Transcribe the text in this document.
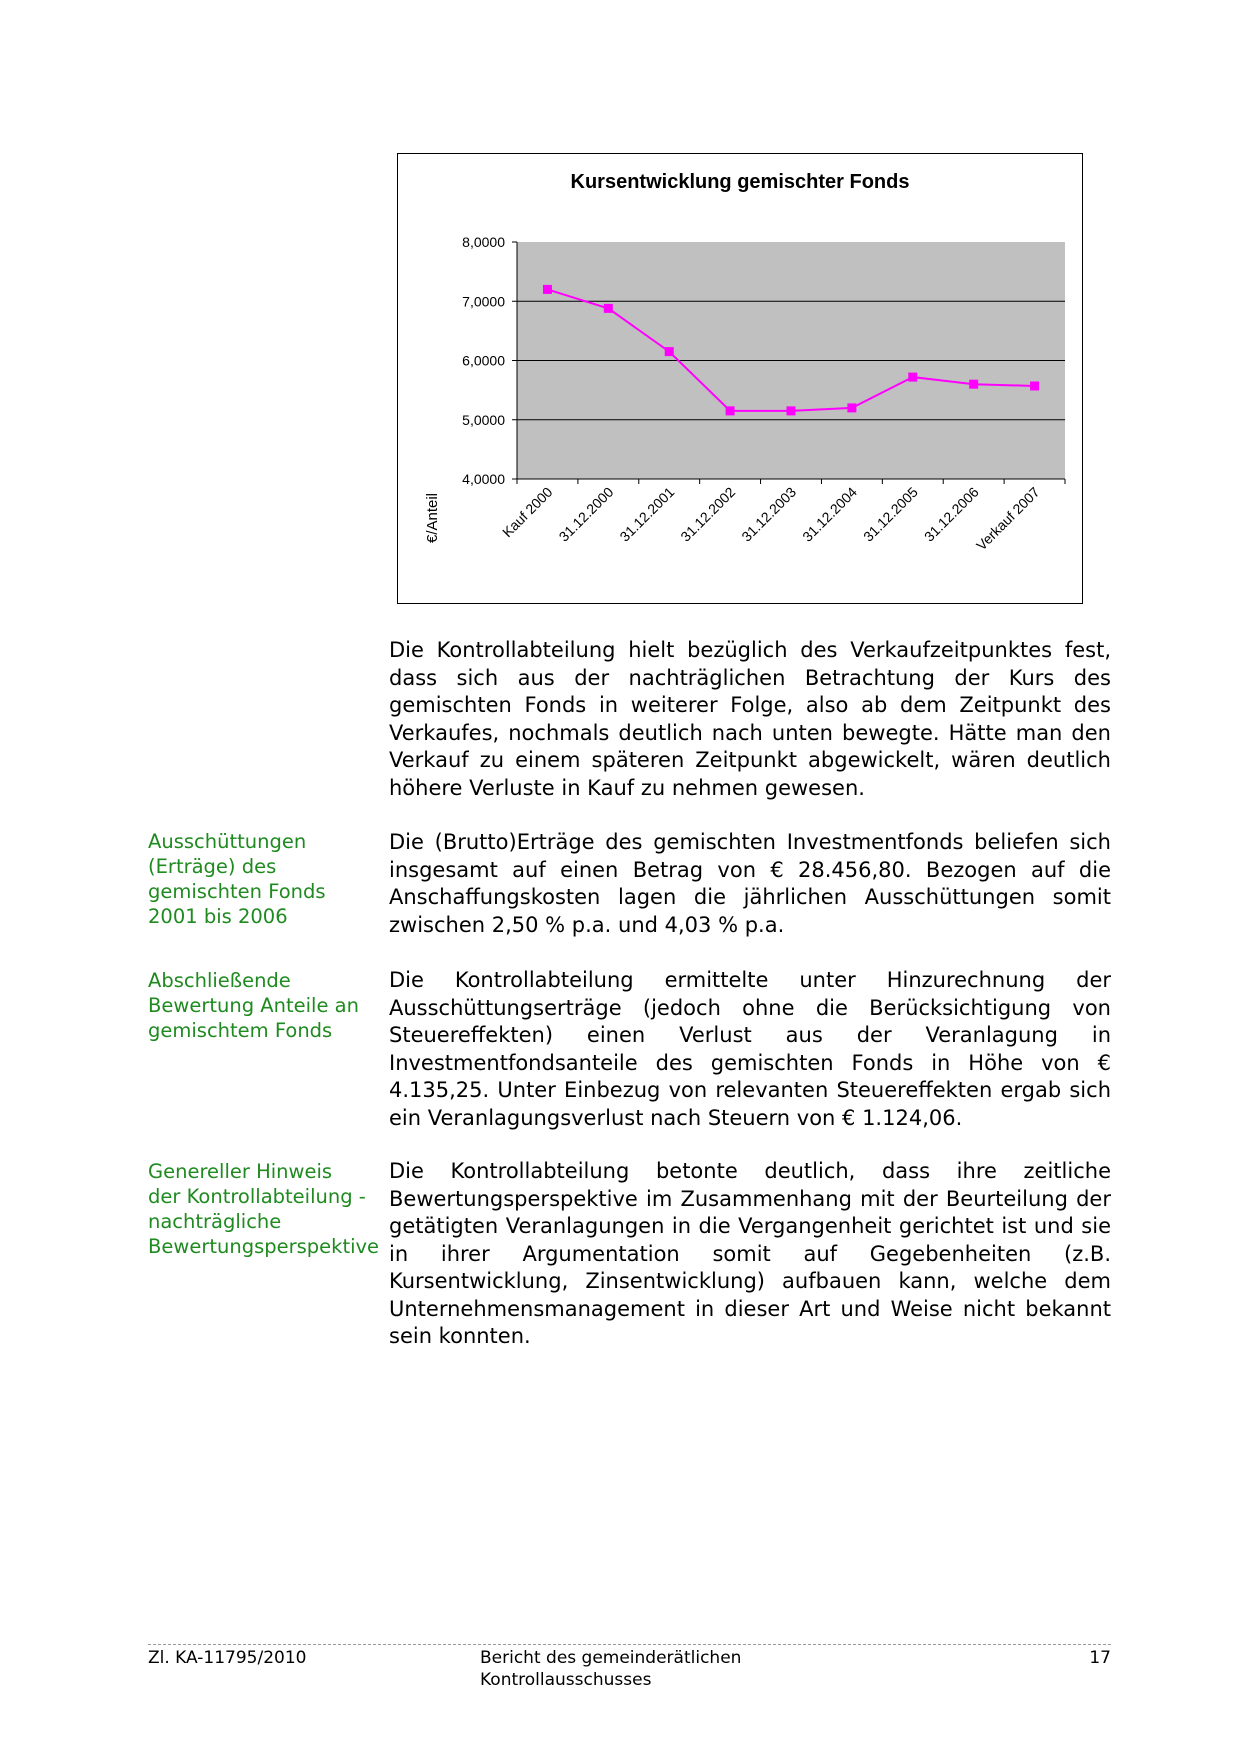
Kursentwicklung gemischter Fonds
€/Anteil
8,0000
7,0000
6,0000
5,0000
4,0000
Kauf 2000 31.12.2000 31.12.2001 31.12.2002 31.12.2003 31.12.2004 31.12.2005 31.12.2006
Verkauf 2007

Die Kontrollabteilung hielt bezüglich des Verkaufzeitpunktes fest, dass sich aus der nachträglichen Betrachtung der Kurs des gemischten Fonds in weiterer Folge, also ab dem Zeitpunkt des Verkaufes, nochmals deutlich nach unten bewegte. Hätte man den Verkauf zu einem späteren Zeitpunkt abgewickelt, wären deutlich höhere Verluste in Kauf zu nehmen gewesen.

Ausschüttungen (Erträge) des gemischten Fonds 2001 bis 2006

Die (Brutto)Erträge des gemischten Investmentfonds beliefen sich insgesamt auf einen Betrag von € 28.456,80. Bezogen auf die Anschaffungskosten lagen die jährlichen Ausschüttungen somit zwischen 2,50 % p.a. und 4,03 % p.a.

Abschließende Bewertung Anteile an gemischtem Fonds

Die Kontrollabteilung ermittelte unter Hinzurechnung der Ausschüttungserträge (jedoch ohne die Berücksichtigung von Steuereffekten) einen Verlust aus der Veranlagung in Investmentfondsanteile des gemischten Fonds in Höhe von € 4.135,25. Unter Einbezug von relevanten Steuereffekten ergab sich ein Veranlagungsverlust nach Steuern von € 1.124,06.

Genereller Hinweis der Kontrollabteilung - nachträgliche Bewertungsperspektive

Die Kontrollabteilung betonte deutlich, dass ihre zeitliche Bewertungsperspektive im Zusammenhang mit der Beurteilung der getätigten Veranlagungen in die Vergangenheit gerichtet ist und sie in ihrer Argumentation somit auf Gegebenheiten (z.B. Kursentwicklung, Zinsentwicklung) aufbauen kann, welche dem Unternehmensmanagement in dieser Art und Weise nicht bekannt sein konnten.

Zl. KA-11795/2010	Bericht des gemeinderätlichen Kontrollausschusses
17
